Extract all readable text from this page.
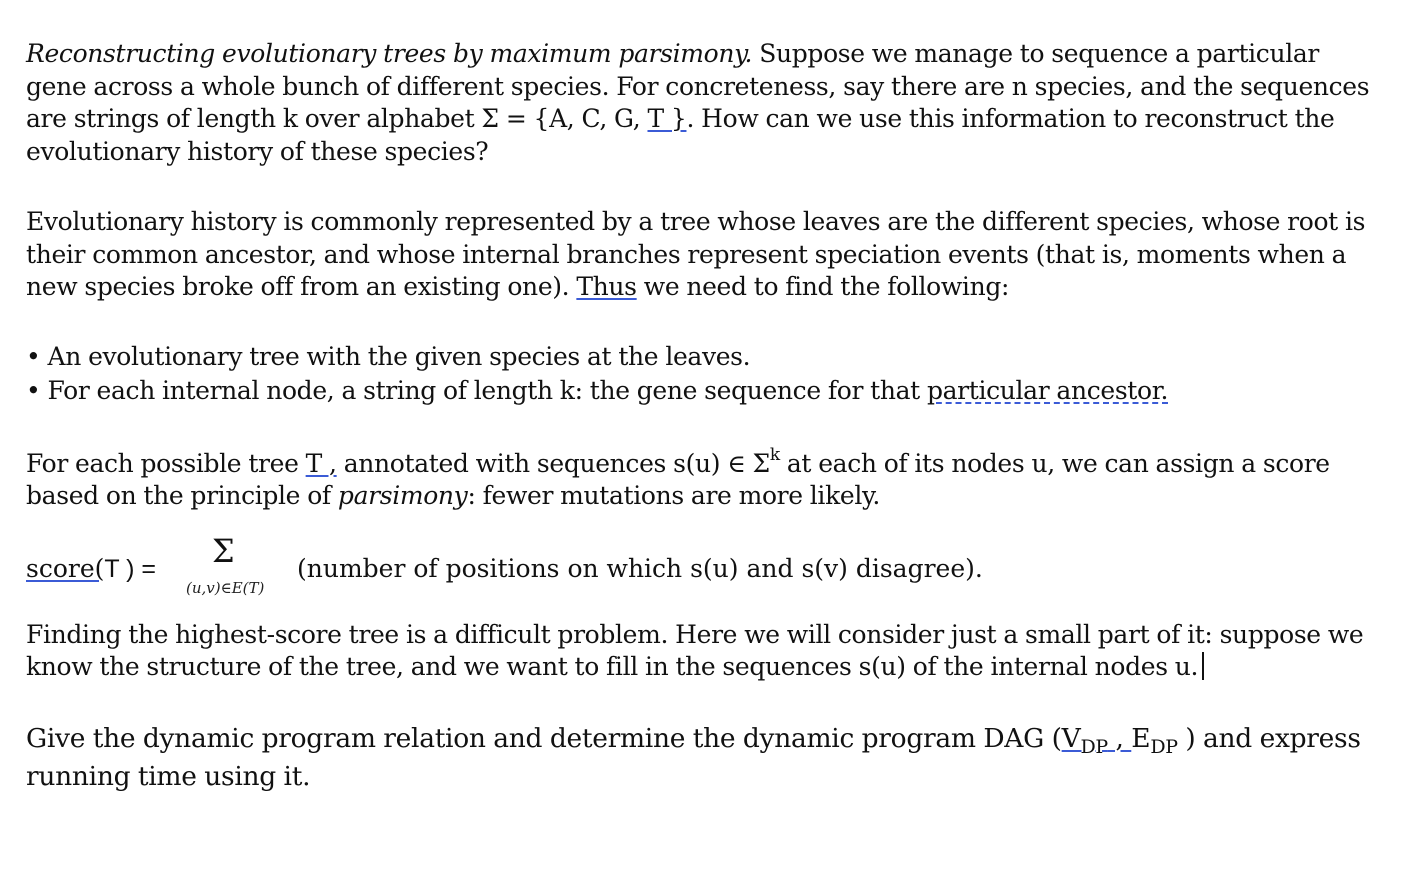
Reconstructing evolutionary trees by maximum parsimony. Suppose we manage to sequence a particular gene across a whole bunch of different species. For concreteness, say there are n species, and the sequences are strings of length k over alphabet Σ = {A, C, G, T }. How can we use this information to reconstruct the evolutionary history of these species?

Evolutionary history is commonly represented by a tree whose leaves are the different species, whose root is their common ancestor, and whose internal branches represent speciation events (that is, moments when a new species broke off from an existing one). Thus we need to find the following:

• An evolutionary tree with the given species at the leaves.
• For each internal node, a string of length k: the gene sequence for that particular ancestor.

For each possible tree T , annotated with sequences s(u) ∈ $\Sigma^k$ at each of its nodes u, we can assign a score based on the principle of parsimony: fewer mutations are more likely.

score(T ) = Σ
(u,v)∈E(T)
(number of positions on which s(u) and s(v) disagree).

Finding the highest-score tree is a difficult problem. Here we will consider just a small part of it: suppose we know the structure of the tree, and we want to fill in the sequences s(u) of the internal nodes u.

Give the dynamic program relation and determine the dynamic program DAG ($V_{DP}$ , $E_{DP}$ ) and express running time using it.
